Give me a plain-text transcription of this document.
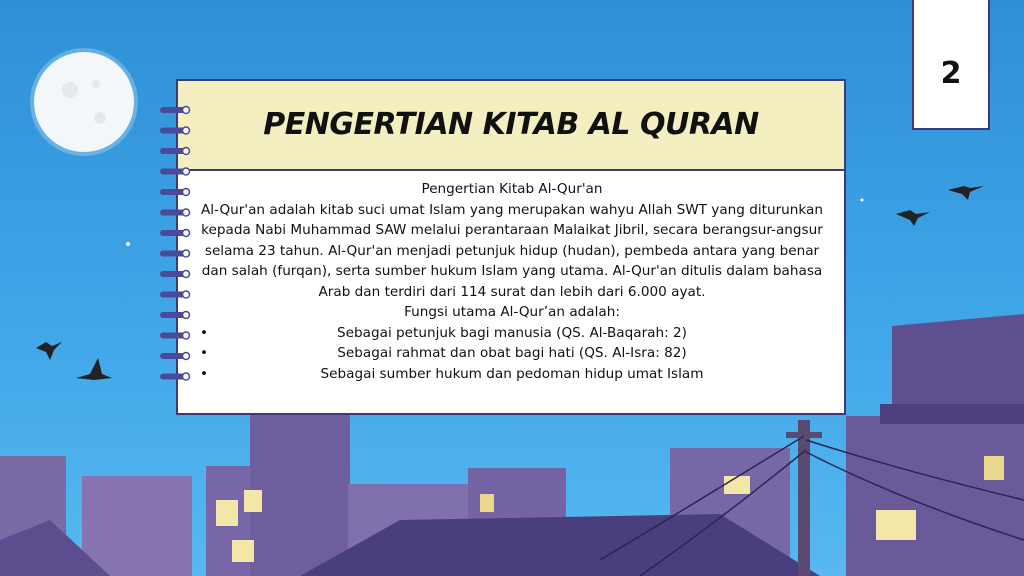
2
PENGERTIAN KITAB AL QURAN

Pengertian Kitab Al-Qur'an

Al-Qur'an adalah kitab suci umat Islam yang merupakan wahyu Allah SWT yang diturunkan kepada Nabi Muhammad SAW melalui perantaraan Malaikat Jibril, secara berangsur-angsur selama 23 tahun. Al-Qur'an menjadi petunjuk hidup (hudan), pembeda antara yang benar dan salah (furqan), serta sumber hukum Islam yang utama. Al-Qur'an ditulis dalam bahasa Arab dan terdiri dari 114 surat dan lebih dari 6.000 ayat.

Fungsi utama Al-Qur’an adalah:

•	Sebagai petunjuk bagi manusia (QS. Al-Baqarah: 2)
•	Sebagai rahmat dan obat bagi hati (QS. Al-Isra: 82)
•	Sebagai sumber hukum dan pedoman hidup umat Islam
